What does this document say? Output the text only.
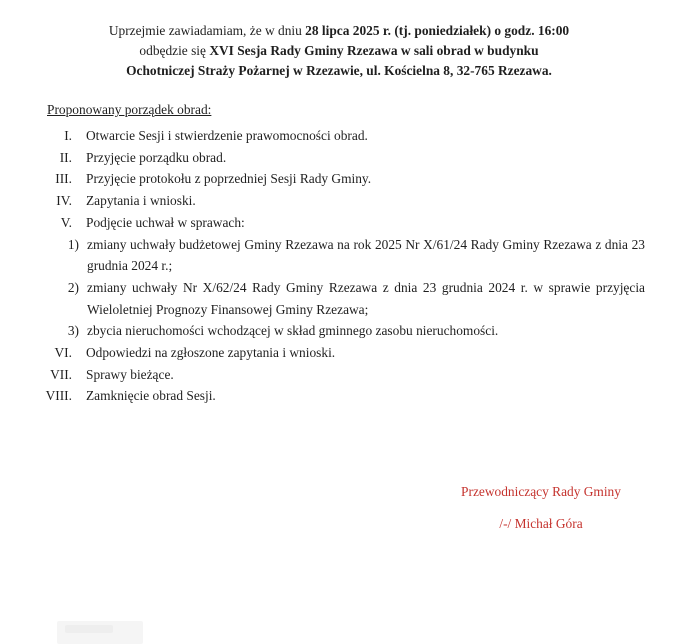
Uprzejmie zawiadamiam, że w dniu 28 lipca 2025 r. (tj. poniedziałek) o godz. 16:00
odbędzie się XVI Sesja Rady Gminy Rzezawa w sali obrad w budynku
Ochotniczej Straży Pożarnej w Rzezawie, ul. Kościelna 8, 32-765 Rzezawa.
Proponowany porządek obrad:
I. Otwarcie Sesji i stwierdzenie prawomocności obrad.
II. Przyjęcie porządku obrad.
III. Przyjęcie protokołu z poprzedniej Sesji Rady Gminy.
IV. Zapytania i wnioski.
V. Podjęcie uchwał w sprawach:
1) zmiany uchwały budżetowej Gminy Rzezawa na rok 2025 Nr X/61/24 Rady Gminy Rzezawa z dnia 23 grudnia 2024 r.;
2) zmiany uchwały Nr X/62/24 Rady Gminy Rzezawa z dnia 23 grudnia 2024 r. w sprawie przyjęcia Wieloletniej Prognozy Finansowej Gminy Rzezawa;
3) zbycia nieruchomości wchodzącej w skład gminnego zasobu nieruchomości.
VI. Odpowiedzi na zgłoszone zapytania i wnioski.
VII. Sprawy bieżące.
VIII. Zamknięcie obrad Sesji.
Przewodniczący Rady Gminy
/-/ Michał Góra
